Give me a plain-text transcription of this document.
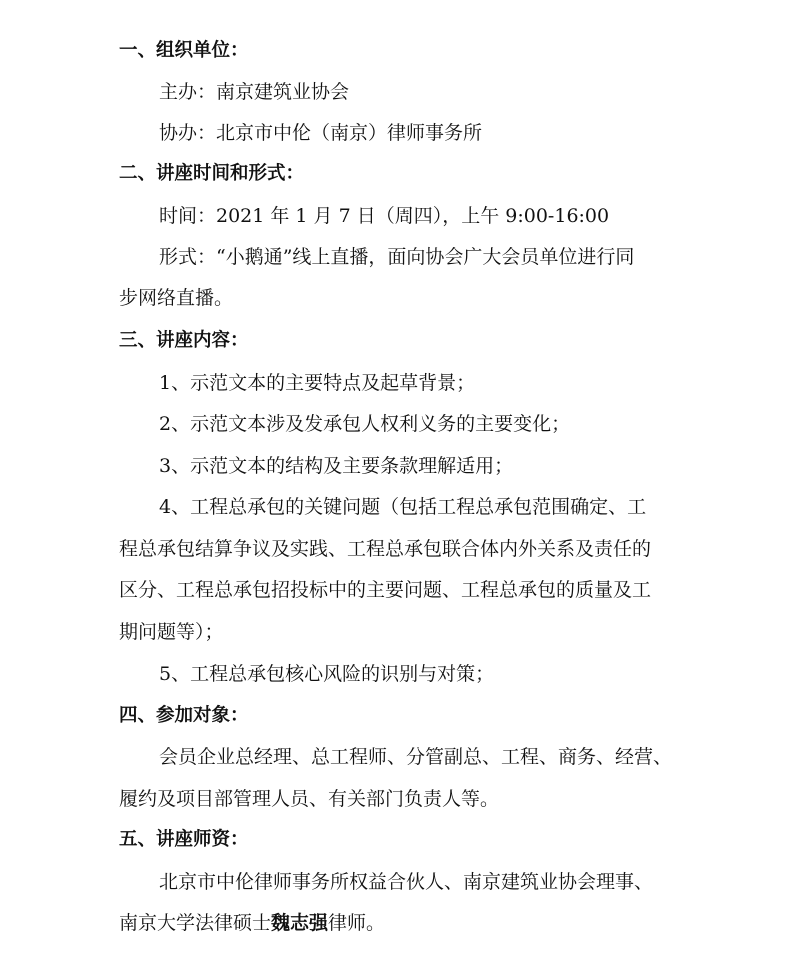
一、组织单位：
主办：南京建筑业协会
协办：北京市中伦（南京）律师事务所
二、讲座时间和形式：
时间：2021 年 1 月 7 日（周四），上午 9:00-16:00
形式：“小鹅通”线上直播，面向协会广大会员单位进行同
步网络直播。
三、讲座内容：
1、示范文本的主要特点及起草背景；
2、示范文本涉及发承包人权利义务的主要变化；
3、示范文本的结构及主要条款理解适用；
4、工程总承包的关键问题（包括工程总承包范围确定、工
程总承包结算争议及实践、工程总承包联合体内外关系及责任的
区分、工程总承包招投标中的主要问题、工程总承包的质量及工
期问题等）；
5、工程总承包核心风险的识别与对策；
四、参加对象：
会员企业总经理、总工程师、分管副总、工程、商务、经营、
履约及项目部管理人员、有关部门负责人等。
五、讲座师资：
北京市中伦律师事务所权益合伙人、南京建筑业协会理事、
南京大学法律硕士魏志强律师。
